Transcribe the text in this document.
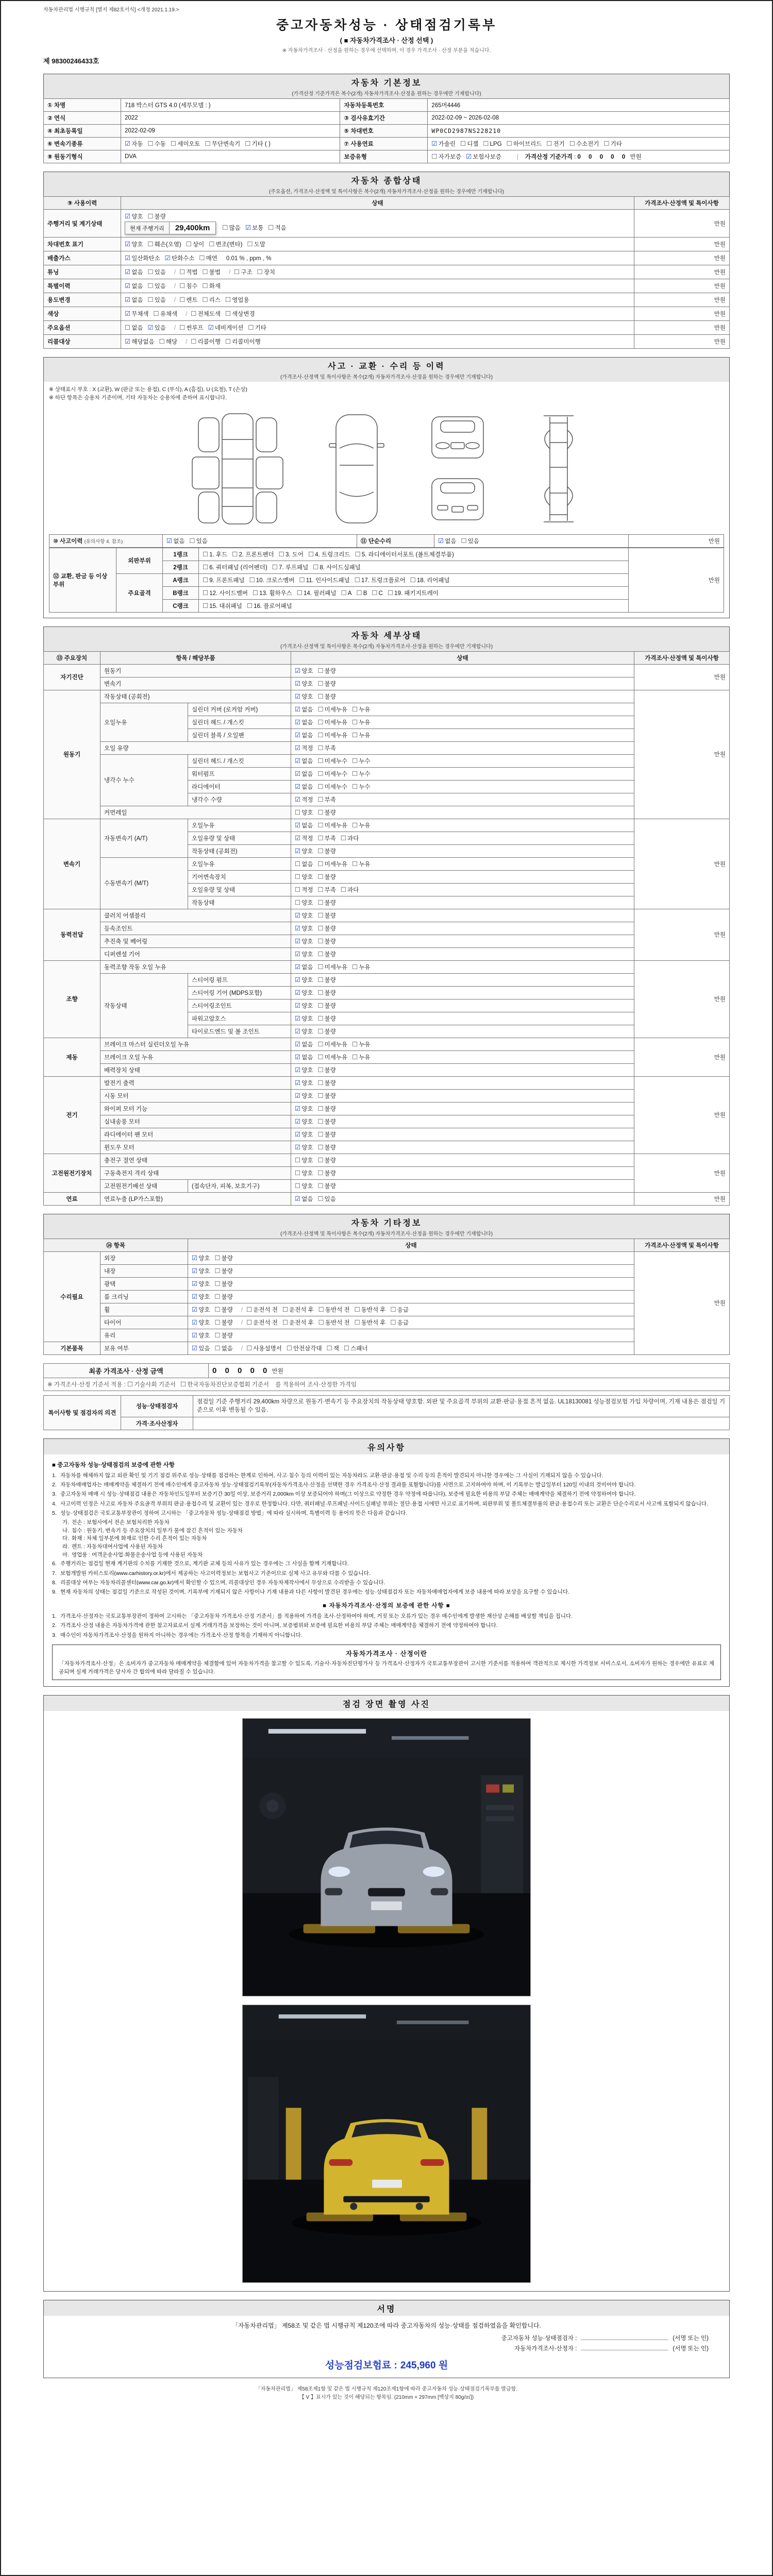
자동차관리법 시행규칙 [별지 제82호서식] <개정 2021.1.19.>
중고자동차성능 · 상태점검기록부
( ■ 자동차가격조사 · 산정 선택 )
※ 자동차가격조사 · 산정을 원하는 경우에 선택하며, 이 경우 가격조사 · 산정 부분을 적습니다.
제 98300246433호
자동차 기본정보
(가격산정 기준가격은 복수(2개) 자동차가격조사·산정을 원하는 경우에만 기재합니다)
① 차명	718 박스터 GTS 4.0 (세부모델 : )	자동차등록번호	265머4446
② 연식	2022	③ 검사유효기간	2022-02-09 ~ 2026-02-08
④ 최초등록일	2022-02-09	⑤ 차대번호	WP0CD2987NS228210
⑥ 변속기종류	☑ 자동 ☐ 수동 ☐ 세미오토 ☐ 무단변속기 ☐ 기타 ( )	⑦ 사용연료	☑ 가솔린 ☐ 디젤 ☐ LPG ☐ 하이브리드 ☐ 전기 ☐ 수소전기 ☐ 기타
⑧ 원동기형식	DVA	보증유형	☐ 자가보증 ☑ 보험사보증 가격산정 기준가격 : 0 0 0 0 0 만원
자동차 종합상태
(주요옵션, 가격조사·산정액 및 특이사항은 복수(2개) 자동차가격조사·산정을 원하는 경우에만 기재합니다)
⑨ 사용이력	상태	가격조사·산정액 및 특이사항
주행거리 및 계기상태	☑ 양호 ☐ 불량
현재 주행거리	29,400km ☐ 많음 ☑ 보통 ☐ 적음	만원
차대번호 표기	☑ 양호 ☐ 훼손(오염) ☐ 상이 ☐ 변조(변타) ☐ 도말	만원
배출가스	☑ 일산화탄소 ☑ 탄화수소 ☐ 매연 0.01 % , ppm , %	만원
튜닝	☑ 없음 ☐ 있음 / ☐ 적법 ☐ 불법 / ☐ 구조 ☐ 장치	만원
특별이력	☑ 없음 ☐ 있음 / ☐ 침수 ☐ 화재	만원
용도변경	☑ 없음 ☐ 있음 / ☐ 렌트 ☐ 리스 ☐ 영업용	만원
색상	☑ 무채색 ☐ 유채색 / ☐ 전체도색 ☐ 색상변경	만원
주요옵션	☐ 없음 ☑ 있음 / ☐ 썬루프 ☑ 네비게이션 ☐ 기타	만원
리콜대상	☑ 해당없음 ☐ 해당 / ☐ 리콜이행 ☐ 리콜미이행	만원
사고 · 교환 · 수리 등 이력
(가격조사·산정액 및 특이사항은 복수(2개) 자동차가격조사·산정을 원하는 경우에만 기재합니다)
※ 상태표시 부호 : X (교환), W (판금 또는 용접), C (부식), A (흠집), U (요철), T (손상)
※ 하단 항목은 승용차 기준이며, 기타 자동차는 승용차에 준하여 표시합니다.
⑩ 사고이력 (유의사항 4. 참조)	☑ 없음 ☐ 있음	⑪ 단순수리	☑ 없음 ☐ 있음	만원
⑫ 교환, 판금 등 이상 부위	외판부위	1랭크	☐ 1. 후드 ☐ 2. 프론트펜더 ☐ 3. 도어 ☐ 4. 트렁크리드 ☐ 5. 라디에이터서포트 (볼트체결부품)	만원
		2랭크	☐ 6. 쿼터패널 (리어펜더) ☐ 7. 루프패널 ☐ 8. 사이드실패널	
	주요골격	A랭크	☐ 9. 프론트패널 ☐ 10. 크로스멤버 ☐ 11. 인사이드패널 ☐ 17. 트렁크플로어 ☐ 18. 리어패널	
		B랭크	☐ 12. 사이드멤버 ☐ 13. 휠하우스 ☐ 14. 필러패널 ☐ A ☐ B ☐ C ☐ 19. 패키지트레이	
		C랭크	☐ 15. 대쉬패널 ☐ 16. 플로어패널	
자동차 세부상태
(가격조사·산정액 및 특이사항은 복수(2개) 자동차가격조사·산정을 원하는 경우에만 기재합니다)
⑬ 주요장치	항목 / 해당부품		상태	가격조사·산정액 및 특이사항
자기진단	원동기		☑ 양호 ☐ 불량	만원
	변속기		☑ 양호 ☐ 불량	
원동기	작동상태 (공회전)		☑ 양호 ☐ 불량	만원
	오일누유	실린더 커버 (로커암 커버)	☑ 없음 ☐ 미세누유 ☐ 누유	
		실린더 헤드 / 개스킷	☑ 없음 ☐ 미세누유 ☐ 누유	
		실린더 블록 / 오일팬	☑ 없음 ☐ 미세누유 ☐ 누유	
	오일 유량		☑ 적정 ☐ 부족	
	냉각수 누수	실린더 헤드 / 개스킷	☑ 없음 ☐ 미세누수 ☐ 누수	
		워터펌프	☑ 없음 ☐ 미세누수 ☐ 누수	
		라디에이터	☑ 없음 ☐ 미세누수 ☐ 누수	
		냉각수 수량	☑ 적정 ☐ 부족	
	커먼레일		☐ 양호 ☐ 불량	
변속기	자동변속기 (A/T)	오일누유	☑ 없음 ☐ 미세누유 ☐ 누유	만원
		오일유량 및 상태	☑ 적정 ☐ 부족 ☐ 과다	
		작동상태 (공회전)	☑ 양호 ☐ 불량	
	수동변속기 (M/T)	오일누유	☐ 없음 ☐ 미세누유 ☐ 누유	
		기어변속장치	☐ 양호 ☐ 불량	
		오일유량 및 상태	☐ 적정 ☐ 부족 ☐ 과다	
		작동상태	☐ 양호 ☐ 불량	
동력전달	클러치 어셈블리		☑ 양호 ☐ 불량	만원
	등속조인트		☑ 양호 ☐ 불량	
	추진축 및 베어링		☑ 양호 ☐ 불량	
	디퍼렌셜 기어		☑ 양호 ☐ 불량	
조향	동력조향 작동 오일 누유		☑ 없음 ☐ 미세누유 ☐ 누유	만원
	작동상태	스티어링 펌프	☑ 양호 ☐ 불량	
		스티어링 기어 (MDPS포함)	☑ 양호 ☐ 불량	
		스티어링조인트	☑ 양호 ☐ 불량	
		파워고압호스	☑ 양호 ☐ 불량	
		타이로드엔드 및 볼 조인트	☑ 양호 ☐ 불량	
제동	브레이크 마스터 실린더오일 누유		☑ 없음 ☐ 미세누유 ☐ 누유	만원
	브레이크 오일 누유		☑ 없음 ☐ 미세누유 ☐ 누유	
	배력장치 상태		☑ 양호 ☐ 불량	
전기	발전기 출력		☑ 양호 ☐ 불량	만원
	시동 모터		☑ 양호 ☐ 불량	
	와이퍼 모터 기능		☑ 양호 ☐ 불량	
	실내송풍 모터		☑ 양호 ☐ 불량	
	라디에이터 팬 모터		☑ 양호 ☐ 불량	
	윈도우 모터		☑ 양호 ☐ 불량	
고전원전기장치	충전구 절연 상태		☐ 양호 ☐ 불량	만원
	구동축전지 격리 상태		☐ 양호 ☐ 불량	
	고전원전기배선 상태	(접속단자, 피복, 보호기구)	☐ 양호 ☐ 불량	
연료	연료누출 (LP가스포함)		☑ 없음 ☐ 있음	만원
자동차 기타정보
(가격조사·산정액 및 특이사항은 복수(2개) 자동차가격조사·산정을 원하는 경우에만 기재합니다)
⑭ 항목		상태	가격조사·산정액 및 특이사항
수리필요	외장	☑ 양호 ☐ 불량	만원
	내장	☑ 양호 ☐ 불량	
	광택	☑ 양호 ☐ 불량	
	룸 크리닝	☑ 양호 ☐ 불량	
	휠	☑ 양호 ☐ 불량 / ☐ 운전석 전 ☐ 운전석 후 ☐ 동반석 전 ☐ 동반석 후 ☐ 응급	
	타이어	☑ 양호 ☐ 불량 / ☐ 운전석 전 ☐ 운전석 후 ☐ 동반석 전 ☐ 동반석 후 ☐ 응급	
	유리	☑ 양호 ☐ 불량	
기본품목	보유 여부	☑ 있음 ☐ 없음 / ☐ 사용설명서 ☐ 안전삼각대 ☐ 잭 ☐ 스패너	
최종 가격조사 · 산정 금액	0 0 0 0 0 만원
※ 가격조사·산정 기준서 적용 : ☐ 기술사회 기준서 ☐ 한국자동차진단보증협회 기준서 를 적용하여 조사·산정한 가격임
특이사항 및 점검자의 의견	성능·상태점검자	점검일 기준 주행거리 29,400km 차량으로 원동기·변속기 등 주요장치의 작동상태 양호함. 외판 및 주요골격 부위의 교환·판금·용접 흔적 없음. UL18130081 성능점검보험 가입 차량이며, 기재 내용은 점검일 기준으로 이후 변동될 수 있음.
	가격·조사산정자	
유의사항
■ 중고자동차 성능·상태점검의 보증에 관한 사항
1. 자동차를 해체하지 않고 외관 확인 및 기기 점검 위주로 성능·상태를 점검하는 한계로 인하여, 사고·침수 등의 이력이 있는 자동차라도 교환·판금·용접 및 수리 등의 흔적이 발견되지 아니한 경우에는 그 사실이 기재되지 않을 수 있습니다.
2. 자동차매매업자는 매매계약을 체결하기 전에 매수인에게 중고자동차 성능·상태점검기록부(자동차가격조사·산정을 선택한 경우 가격조사·산정 결과를 포함합니다)를 서면으로 고지하여야 하며, 이 기록부는 발급일부터 120일 이내의 것이어야 합니다.
3. 중고자동차 매매 시 성능·상태점검 내용은 자동차인도일부터 보증기간 30일 이상, 보증거리 2,000km 이상 보증되어야 하며(그 이상으로 약정한 경우 약정에 따릅니다), 보증에 필요한 비용의 부담 주체는 매매계약을 체결하기 전에 약정하여야 합니다.
4. 사고이력 인정은 사고로 자동차 주요골격 부위의 판금·용접수리 및 교환이 있는 경우로 한정합니다. 다만, 쿼터패널·루프패널·사이드실패널 부위는 절단·용접 시에만 사고로 표기하며, 외판부위 및 볼트체결부품의 판금·용접수리 또는 교환은 단순수리로서 사고에 포함되지 않습니다.
5. 성능·상태점검은 국토교통부장관이 정하여 고시하는 「중고자동차 성능·상태점검 방법」에 따라 실시하며, 특별이력 등 용어의 뜻은 다음과 같습니다.
가. 전손 : 보험사에서 전손 보험처리한 자동차
나. 침수 : 원동기, 변속기 등 주요장치의 일부가 물에 잠긴 흔적이 있는 자동차
다. 화재 : 차체 일부분에 화재로 인한 수리 흔적이 있는 자동차
라. 렌트 : 자동차대여사업에 사용된 자동차
마. 영업용 : 여객운송사업·화물운송사업 등에 사용된 자동차
6. 주행거리는 점검일 현재 계기판의 수치를 기재한 것으로, 계기판 교체 등의 사유가 있는 경우에는 그 사실을 함께 기재합니다.
7. 보험개발원 카히스토리(www.carhistory.or.kr)에서 제공하는 사고이력정보는 보험사고 기준이므로 실제 사고 유무와 다를 수 있습니다.
8. 리콜대상 여부는 자동차리콜센터(www.car.go.kr)에서 확인할 수 있으며, 리콜대상인 경우 자동차제작사에서 무상으로 수리받을 수 있습니다.
9. 현재 자동차의 상태는 점검일 기준으로 작성된 것이며, 기록부에 기재되지 않은 사항이나 기재 내용과 다른 사항이 발견된 경우에는 성능·상태점검자 또는 자동차매매업자에게 보증 내용에 따라 보상을 요구할 수 있습니다.
■ 자동차가격조사·산정의 보증에 관한 사항 ■
1. 가격조사·산정자는 국토교통부장관이 정하여 고시하는 「중고자동차 가격조사·산정 기준서」를 적용하여 가격을 조사·산정하여야 하며, 거짓 또는 오류가 있는 경우 매수인에게 발생한 재산상 손해를 배상할 책임을 집니다.
2. 가격조사·산정 내용은 자동차가격에 관한 참고자료로서 실제 거래가격을 보장하는 것이 아니며, 보증범위와 보증에 필요한 비용의 부담 주체는 매매계약을 체결하기 전에 약정하여야 합니다.
3. 매수인이 자동차가격조사·산정을 원하지 아니하는 경우에는 가격조사·산정 항목을 기재하지 아니합니다.
자동차가격조사 · 산정이란
「자동차가격조사·산정」은 소비자가 중고자동차 매매계약을 체결함에 있어 자동차가격을 참고할 수 있도록, 기술사·자동차진단평가사 등 가격조사·산정자가 국토교통부장관이 고시한 기준서를 적용하여 객관적으로 제시한 가격정보 서비스로서, 소비자가 원하는 경우에만 유료로 제공되며 실제 거래가격은 당사자 간 합의에 따라 달라질 수 있습니다.
점검 장면 촬영 사진
서명
「자동차관리법」 제58조 및 같은 법 시행규칙 제120조에 따라 중고자동차의 성능·상태를 점검하였음을 확인합니다.
중고자동차 성능·상태점검자 :	(서명 또는 인)
자동차가격조사·산정자 :	(서명 또는 인)
성능점검보험료 : 245,960 원
「자동차관리법」 제58조제1항 및 같은 법 시행규칙 제120조제1항에 따라 중고자동차 성능·상태점검기록부를 발급함.
【 V 】표시가 있는 것이 해당되는 항목임. (210mm × 297mm [백상지 80g/㎡])
